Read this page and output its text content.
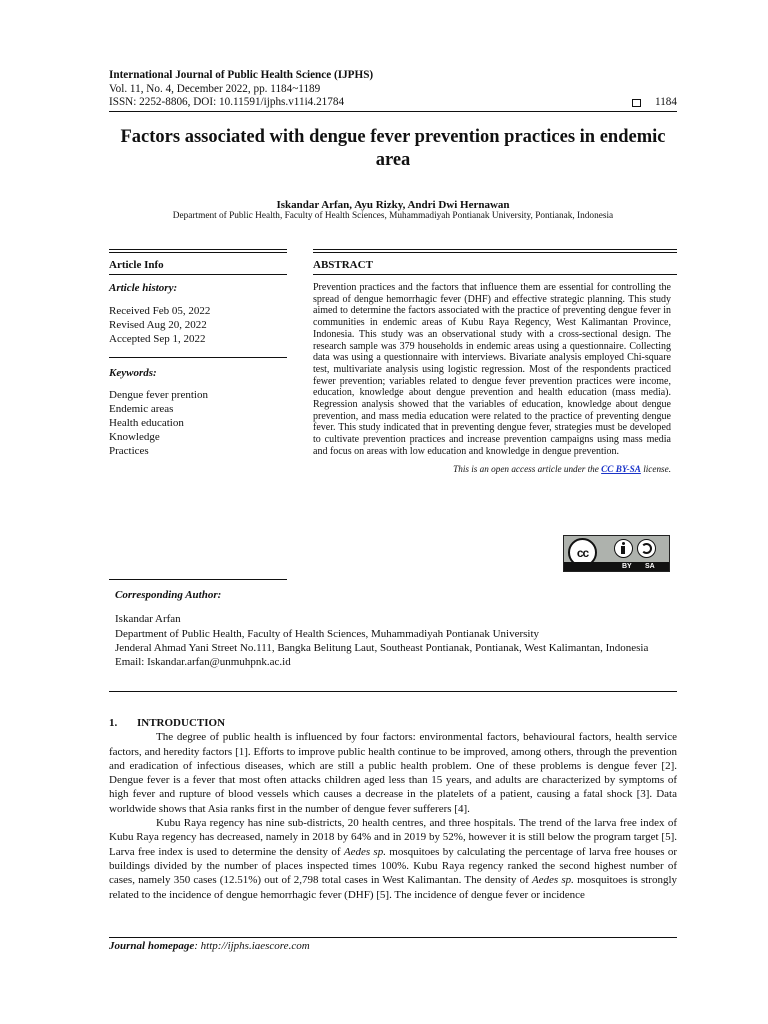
International Journal of Public Health Science (IJPHS)
Vol. 11, No. 4, December 2022, pp. 1184~1189
ISSN: 2252-8806, DOI: 10.11591/ijphs.v11i4.21784	1184
Factors associated with dengue fever prevention practices in endemic area
Iskandar Arfan, Ayu Rizky, Andri Dwi Hernawan
Department of Public Health, Faculty of Health Sciences, Muhammadiyah Pontianak University, Pontianak, Indonesia
Article Info
Article history:
Received Feb 05, 2022
Revised Aug 20, 2022
Accepted Sep 1, 2022
Keywords:
Dengue fever prention
Endemic areas
Health education
Knowledge
Practices
ABSTRACT
Prevention practices and the factors that influence them are essential for controlling the spread of dengue hemorrhagic fever (DHF) and effective strategic planning. This study aimed to determine the factors associated with the practice of preventing dengue fever in communities in endemic areas of Kubu Raya Regency, West Kalimantan Province, Indonesia. This study was an observational study with a cross-sectional design. The research sample was 379 households in endemic areas using a questionnaire. Collecting data was using a questionnaire with interviews. Bivariate analysis employed Chi-square test, multivariate analysis using logistic regression. Most of the respondents practiced fewer prevention; variables related to dengue fever prevention practices were income, education, knowledge about dengue prevention and health education (mass media). Regression analysis showed that the variables of education, knowledge about dengue prevention, and mass media education were related to the practice of preventing dengue fever. This study indicated that in preventing dengue fever, strategies must be developed to cultivate prevention practices and increase prevention campaigns using mass media and focus on areas with low education and knowledge in dengue prevention.
This is an open access article under the CC BY-SA license.
cc
BY SA
Corresponding Author:
Iskandar Arfan
Department of Public Health, Faculty of Health Sciences, Muhammadiyah Pontianak University
Jenderal Ahmad Yani Street No.111, Bangka Belitung Laut, Southeast Pontianak, Pontianak, West Kalimantan, Indonesia
Email: Iskandar.arfan@unmuhpnk.ac.id
1.	INTRODUCTION

The degree of public health is influenced by four factors: environmental factors, behavioural factors, health service factors, and heredity factors [1]. Efforts to improve public health continue to be improved, among others, through the prevention and eradication of infectious diseases, which are still a public health problem. One of these problems is dengue fever [2]. Dengue fever is a fever that most often attacks children aged less than 15 years, and adults are characterized by symptoms of high fever and rupture of blood vessels which causes a decrease in the platelets of a patient, causing a fatal shock [3]. Data worldwide shows that Asia ranks first in the number of dengue fever sufferers [4].

Kubu Raya regency has nine sub-districts, 20 health centres, and three hospitals. The trend of the larva free index of Kubu Raya regency has decreased, namely in 2018 by 64% and in 2019 by 52%, however it is still below the program target [5]. Larva free index is used to determine the density of Aedes sp. mosquitoes by calculating the percentage of larva free houses or buildings divided by the number of places inspected times 100%. Kubu Raya regency ranked the second highest number of cases, namely 350 cases (12.51%) out of 2,798 total cases in West Kalimantan. The density of Aedes sp. mosquitoes is strongly related to the incidence of dengue hemorrhagic fever (DHF) [5]. The incidence of dengue fever or incidence

Journal homepage: http://ijphs.iaescore.com
